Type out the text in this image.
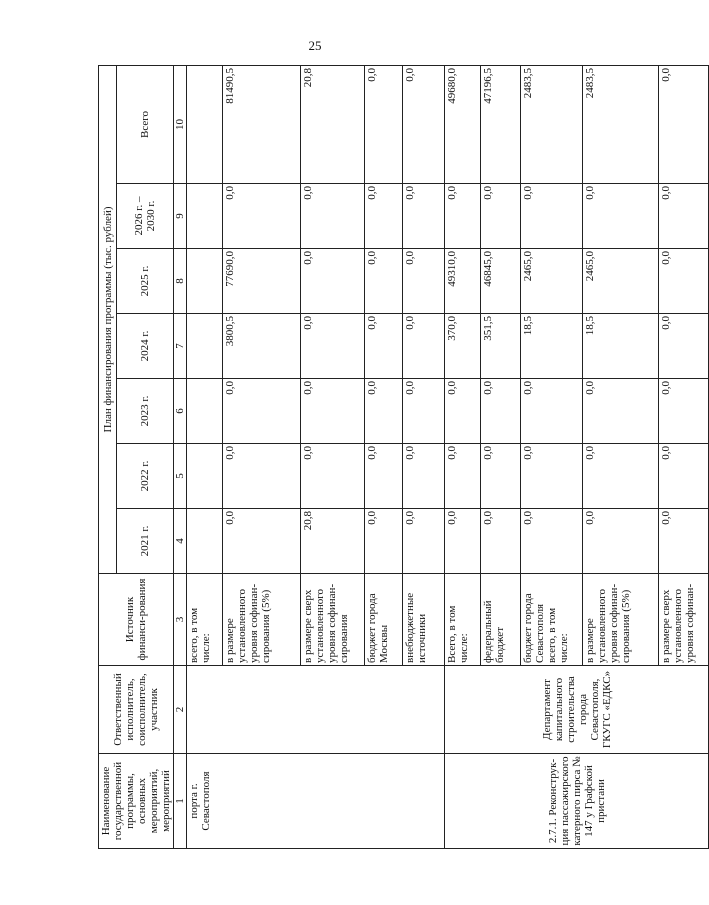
25
Наименование государственной программы, основных мероприятий, мероприятий	Ответственный исполнитель, соисполнитель, участник	Источник финанси-рования	План финансирования программы (тыс. рублей)						
			2021 г.	2022 г.	2023 г.	2024 г.	2025 г.	2026 г. – 2030 г.	Всего
1	2	3	4	5	6	7	8	9	10
порта г. Севастополя		всего, в том числе:							
		в размере установленного уровня софинан-сирования (5%)	0,0	0,0	0,0	3800,5	77690,0	0,0	81490,5
		в размере сверх установленного уровня софинан-сирования	20,8	0,0	0,0	0,0	0,0	0,0	20,8
		бюджет города Москвы	0,0	0,0	0,0	0,0	0,0	0,0	0,0
		внебюджетные источники	0,0	0,0	0,0	0,0	0,0	0,0	0,0
2.7.1. Реконструк-ция пассажирского катерного пирса № 147 у Графской пристани	Департамент капитального строительства города Севастополя, ГКУГС «ЕДКС»	Всего, в том числе:	0,0	0,0	0,0	370,0	49310,0	0,0	49680,0
		федеральный бюджет	0,0	0,0	0,0	351,5	46845,0	0,0	47196,5
		бюджет города Севастополя всего, в том числе:	0,0	0,0	0,0	18,5	2465,0	0,0	2483,5
		в размере установленного уровня софинан-сирования (5%)	0,0	0,0	0,0	18,5	2465,0	0,0	2483,5
		в размере сверх установленного уровня софинан-	0,0	0,0	0,0	0,0	0,0	0,0	0,0
